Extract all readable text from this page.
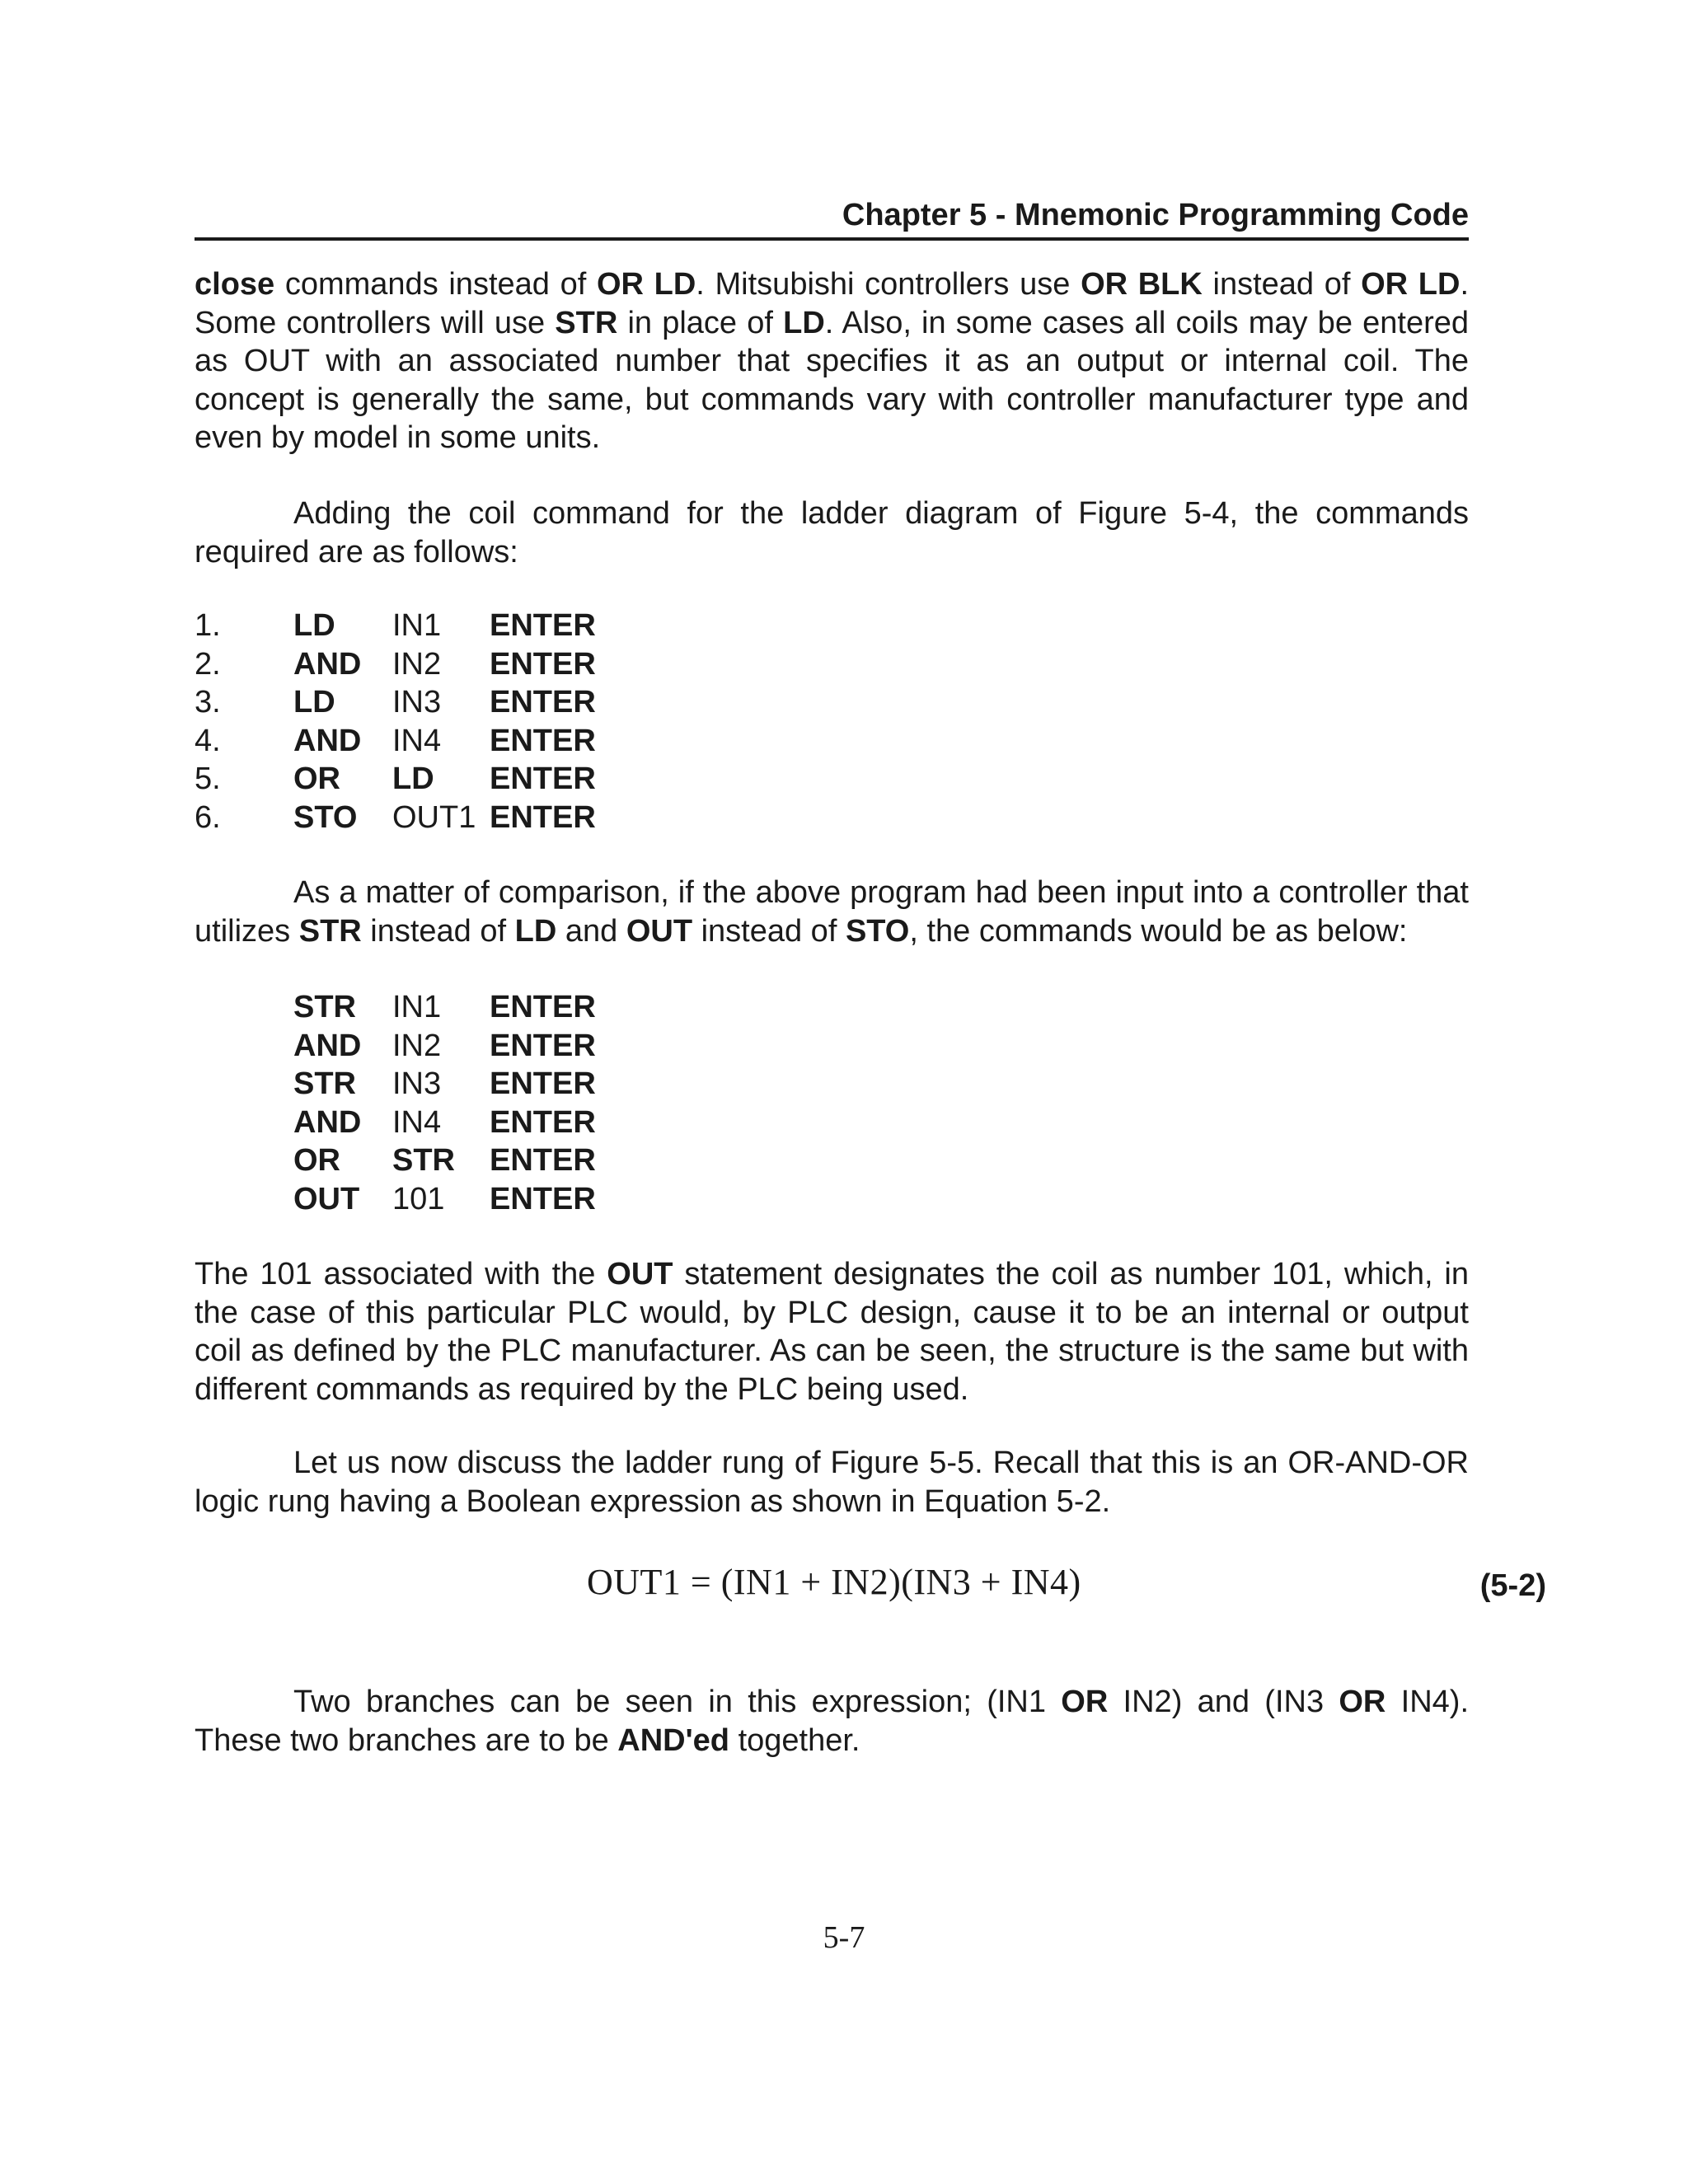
Chapter 5 - Mnemonic Programming Code

close commands instead of OR LD. Mitsubishi controllers use OR BLK instead of OR LD. Some controllers will use STR in place of LD. Also, in some cases all coils may be entered as OUT with an associated number that specifies it as an output or internal coil. The concept is generally the same, but commands vary with controller manufacturer type and even by model in some units.

Adding the coil command for the ladder diagram of Figure 5-4, the commands required are as follows:

1.	LD	IN1	ENTER
2.	AND IN2	ENTER
3.	LD	IN3	ENTER
4.	AND IN4	ENTER
5.	OR	LD	ENTER
6.	STO	OUT1 ENTER

As a matter of comparison, if the above program had been input into a controller that utilizes STR instead of LD and OUT instead of STO, the commands would be as below:

STR	IN1	ENTER
AND IN2	ENTER
STR	IN3	ENTER
AND IN4	ENTER
OR	STR	ENTER
OUT	101	ENTER

The 101 associated with the OUT statement designates the coil as number 101, which, in the case of this particular PLC would, by PLC design, cause it to be an internal or output coil as defined by the PLC manufacturer. As can be seen, the structure is the same but with different commands as required by the PLC being used.

Let us now discuss the ladder rung of Figure 5-5. Recall that this is an OR-AND-OR logic rung having a Boolean expression as shown in Equation 5-2.

OUT1 = (IN1 + IN2)(IN3 + IN4)	(5-2)

Two branches can be seen in this expression; (IN1 OR IN2) and (IN3 OR IN4). These two branches are to be AND'ed together.

5-7
